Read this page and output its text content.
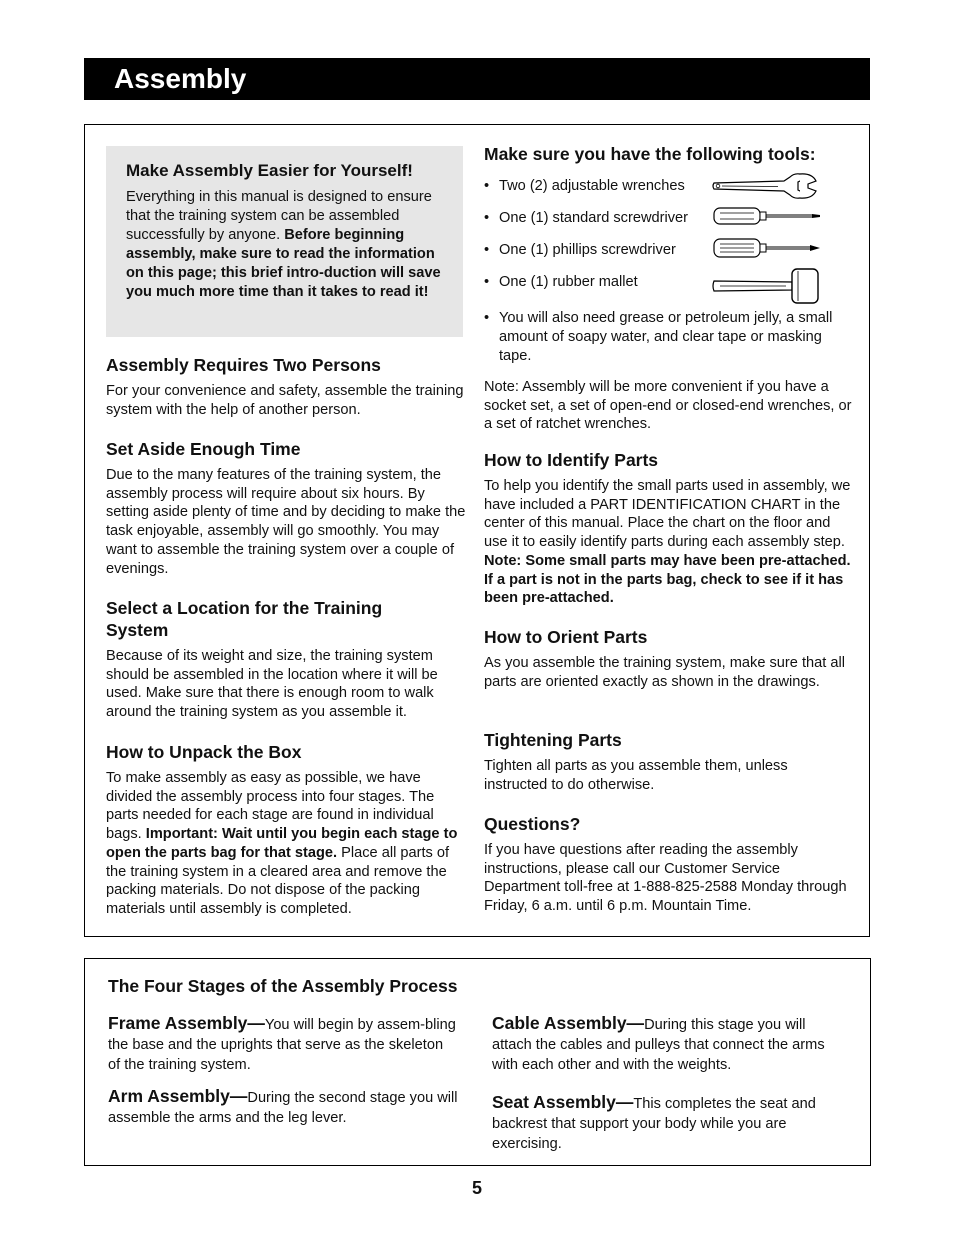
Assembly
Make Assembly Easier for Yourself!

Everything in this manual is designed to ensure that the training system can be assembled successfully by anyone. Before beginning assembly, make sure to read the information on this page; this brief intro-duction will save you much more time than it takes to read it!

Assembly Requires Two Persons

For your convenience and safety, assemble the training system with the help of another person.

Set Aside Enough Time

Due to the many features of the training system, the assembly process will require about six hours. By setting aside plenty of time and by deciding to make the task enjoyable, assembly will go smoothly. You may want to assemble the training system over a couple of evenings.

Select a Location for the Training
System

Because of its weight and size, the training system should be assembled in the location where it will be used. Make sure that there is enough room to walk around the training system as you assemble it.

How to Unpack the Box

To make assembly as easy as possible, we have divided the assembly process into four stages. The parts needed for each stage are found in individual bags. Important: Wait until you begin each stage to open the parts bag for that stage. Place all parts of the training system in a cleared area and remove the packing materials. Do not dispose of the packing materials until assembly is completed.

Make sure you have the following tools:
• Two (2) adjustable wrenches
• One (1) standard screwdriver
• One (1) phillips screwdriver
• One (1) rubber mallet
• You will also need grease or petroleum jelly, a small amount of soapy water, and clear tape or masking tape.

Note: Assembly will be more convenient if you have a socket set, a set of open-end or closed-end wrenches, or a set of ratchet wrenches.

How to Identify Parts

To help you identify the small parts used in assembly, we have included a PART IDENTIFICATION CHART in the center of this manual. Place the chart on the floor and use it to easily identify parts during each assembly step. Note: Some small parts may have been pre-attached. If a part is not in the parts bag, check to see if it has been pre-attached.

How to Orient Parts

As you assemble the training system, make sure that all parts are oriented exactly as shown in the drawings.

Tightening Parts

Tighten all parts as you assemble them, unless instructed to do otherwise.

Questions?

If you have questions after reading the assembly instructions, please call our Customer Service Department toll-free at 1-888-825-2588 Monday through Friday, 6 a.m. until 6 p.m. Mountain Time.

The Four Stages of the Assembly Process
Frame Assembly—You will begin by assem-bling the base and the uprights that serve as the skeleton of the training system.
Arm Assembly—During the second stage you will assemble the arms and the leg lever.
Cable Assembly—During this stage you will attach the cables and pulleys that connect the arms with each other and with the weights.
Seat Assembly—This completes the seat and backrest that support your body while you are exercising.
5
